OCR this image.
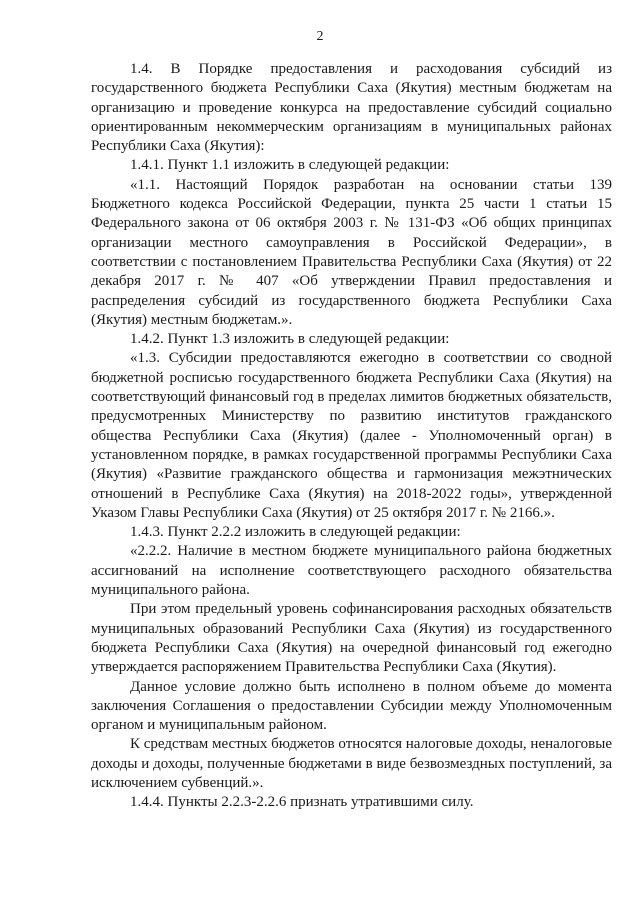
2

1.4. В Порядке предоставления и расходования субсидий из государственного бюджета Республики Саха (Якутия) местным бюджетам на организацию и проведение конкурса на предоставление субсидий социально ориентированным некоммерческим организациям в муниципальных районах Республики Саха (Якутия):

1.4.1. Пункт 1.1 изложить в следующей редакции:

«1.1. Настоящий Порядок разработан на основании статьи 139 Бюджетного кодекса Российской Федерации, пункта 25 части 1 статьи 15 Федерального закона от 06 октября 2003 г. № 131-ФЗ «Об общих принципах организации местного самоуправления в Российской Федерации», в соответствии с постановлением Правительства Республики Саха (Якутия) от 22 декабря 2017 г. № 407 «Об утверждении Правил предоставления и распределения субсидий из государственного бюджета Республики Саха (Якутия) местным бюджетам.».

1.4.2. Пункт 1.3 изложить в следующей редакции:

«1.3. Субсидии предоставляются ежегодно в соответствии со сводной бюджетной росписью государственного бюджета Республики Саха (Якутия) на соответствующий финансовый год в пределах лимитов бюджетных обязательств, предусмотренных Министерству по развитию институтов гражданского общества Республики Саха (Якутия) (далее - Уполномоченный орган) в установленном порядке, в рамках государственной программы Республики Саха (Якутия) «Развитие гражданского общества и гармонизация межэтнических отношений в Республике Саха (Якутия) на 2018-2022 годы», утвержденной Указом Главы Республики Саха (Якутия) от 25 октября 2017 г. № 2166.».

1.4.3. Пункт 2.2.2 изложить в следующей редакции:

«2.2.2. Наличие в местном бюджете муниципального района бюджетных ассигнований на исполнение соответствующего расходного обязательства муниципального района.

При этом предельный уровень софинансирования расходных обязательств муниципальных образований Республики Саха (Якутия) из государственного бюджета Республики Саха (Якутия) на очередной финансовый год ежегодно утверждается распоряжением Правительства Республики Саха (Якутия).

Данное условие должно быть исполнено в полном объеме до момента заключения Соглашения о предоставлении Субсидии между Уполномоченным органом и муниципальным районом.

К средствам местных бюджетов относятся налоговые доходы, неналоговые доходы и доходы, полученные бюджетами в виде безвозмездных поступлений, за исключением субвенций.».

1.4.4. Пункты 2.2.3-2.2.6 признать утратившими силу.
